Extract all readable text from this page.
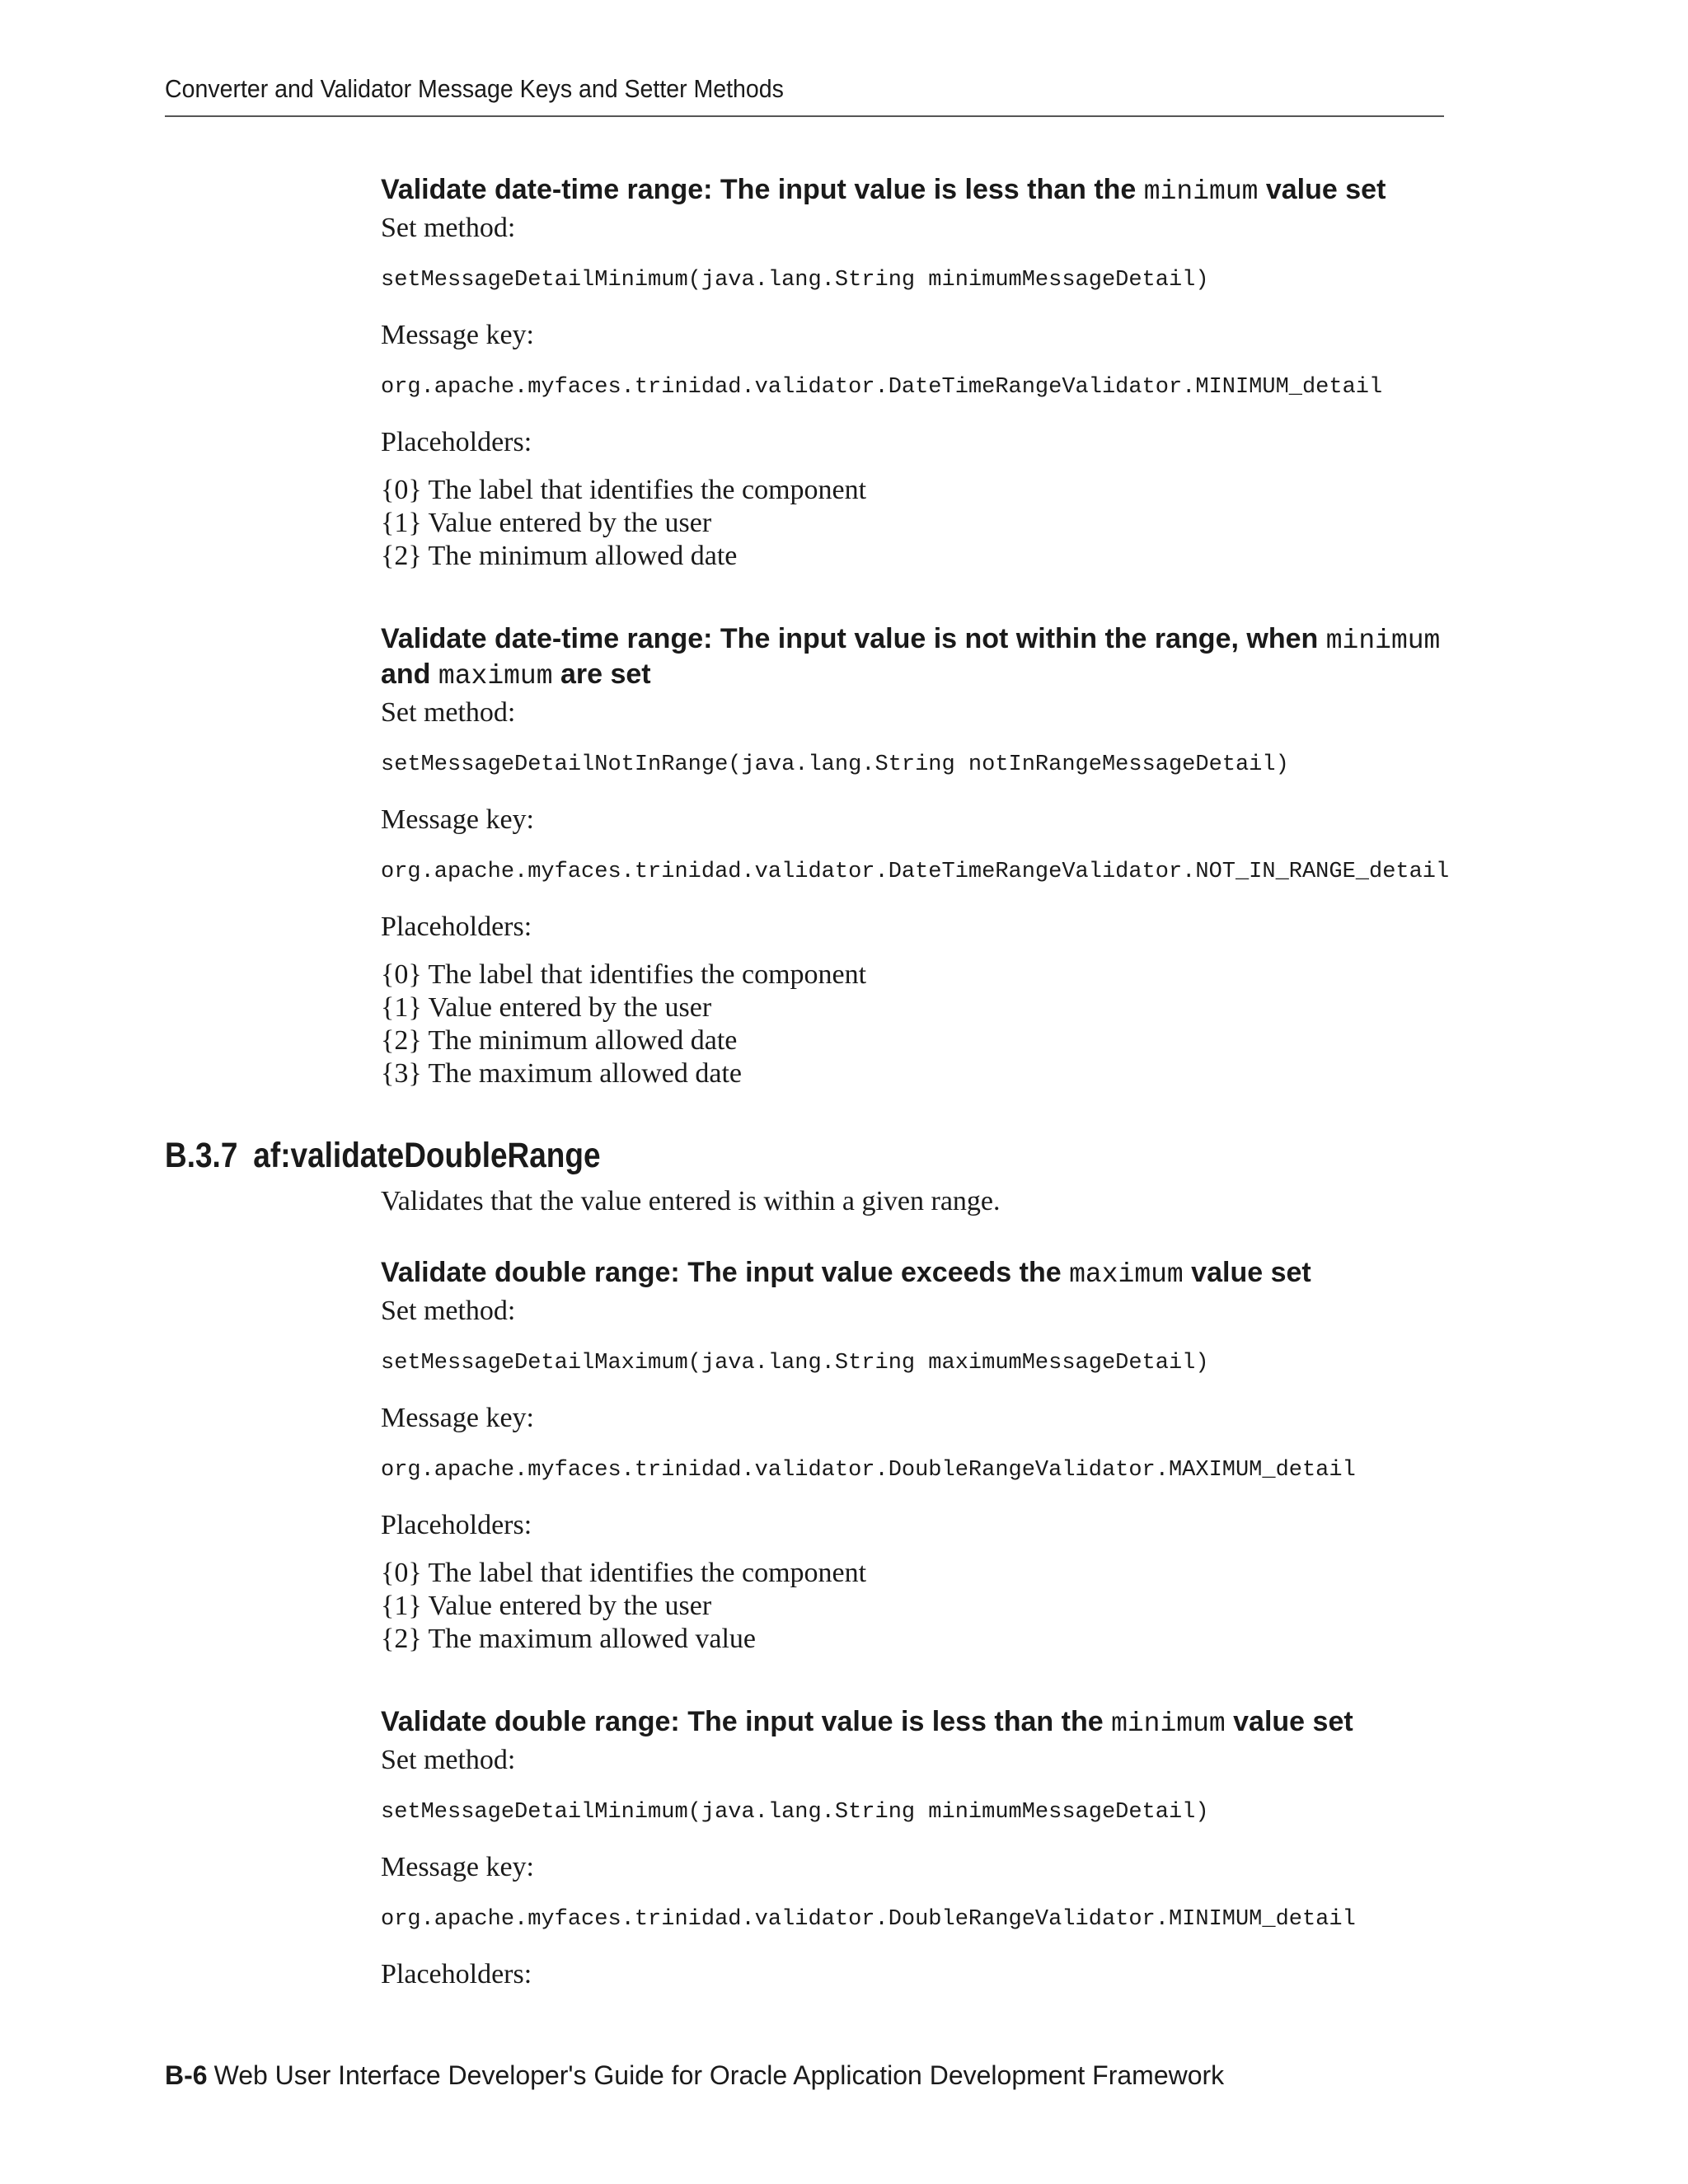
Converter and Validator Message Keys and Setter Methods

Validate date-time range: The input value is less than the minimum value set

Set method:

setMessageDetailMinimum(java.lang.String minimumMessageDetail)

Message key:

org.apache.myfaces.trinidad.validator.DateTimeRangeValidator.MINIMUM_detail

Placeholders:

{0} The label that identifies the component
{1} Value entered by the user
{2} The minimum allowed date

Validate date-time range: The input value is not within the range, when minimum
and maximum are set

Set method:

setMessageDetailNotInRange(java.lang.String notInRangeMessageDetail)

Message key:

org.apache.myfaces.trinidad.validator.DateTimeRangeValidator.NOT_IN_RANGE_detail

Placeholders:

{0} The label that identifies the component
{1} Value entered by the user
{2} The minimum allowed date
{3} The maximum allowed date
B.3.7 af:validateDoubleRange

Validates that the value entered is within a given range.

Validate double range: The input value exceeds the maximum value set

Set method:

setMessageDetailMaximum(java.lang.String maximumMessageDetail)

Message key:

org.apache.myfaces.trinidad.validator.DoubleRangeValidator.MAXIMUM_detail

Placeholders:

{0} The label that identifies the component
{1} Value entered by the user
{2} The maximum allowed value

Validate double range: The input value is less than the minimum value set

Set method:

setMessageDetailMinimum(java.lang.String minimumMessageDetail)

Message key:

org.apache.myfaces.trinidad.validator.DoubleRangeValidator.MINIMUM_detail

Placeholders:

B-6 Web User Interface Developer's Guide for Oracle Application Development Framework
